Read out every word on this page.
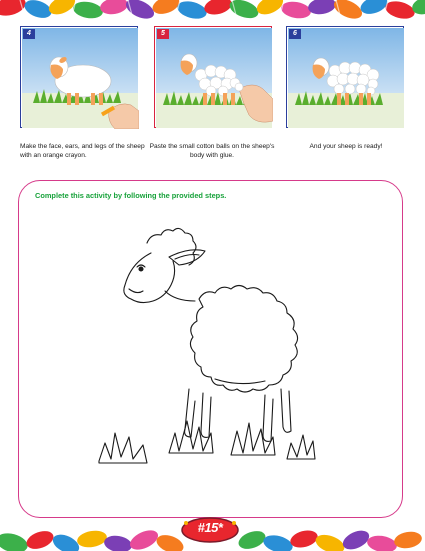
4	5	6
Make the face, ears, and legs of the sheep with an orange crayon.
Paste the small cotton balls on the sheep's body with glue.
And your sheep is ready!
Complete this activity by following the provided steps.
#15*
